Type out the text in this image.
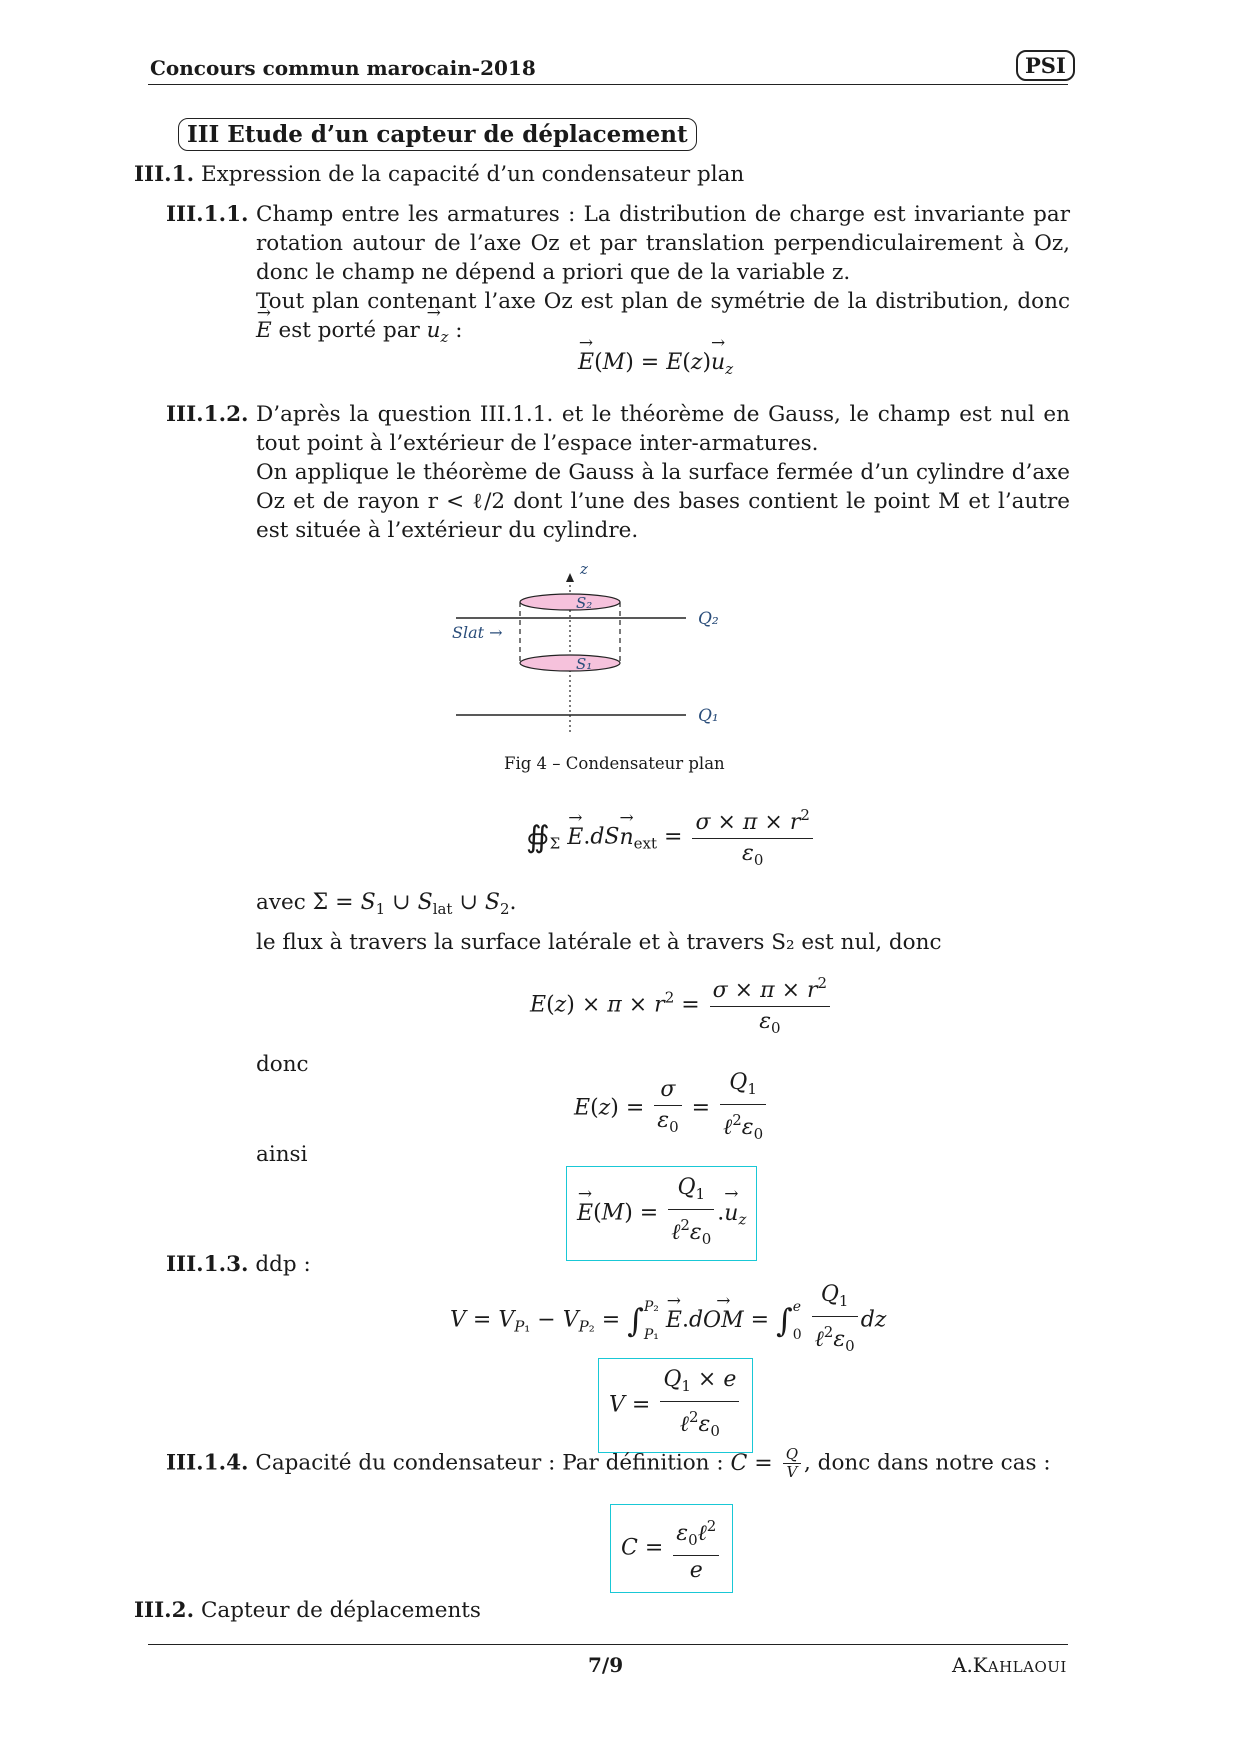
Concours commun marocain-2018	PSI
III Etude d’un capteur de déplacement
III.1. Expression de la capacité d’un condensateur plan
III.1.1. Champ entre les armatures : La distribution de charge est invariante par rotation autour de l’axe Oz et par translation perpendiculairement à Oz, donc le champ ne dépend a priori que de la variable z.
Tout plan contenant l’axe Oz est plan de symétrie de la distribution, donc → E est porté par → $u_z$ :
→ $E(M) = E(z)\to u_z$
III.1.2. D’après la question III.1.1. et le théorème de Gauss, le champ est nul en tout point à l’extérieur de l’espace inter-armatures.
On applique le théorème de Gauss à la surface fermée d’un cylindre d’axe Oz et de rayon r < ℓ/2 dont l’une des bases contient le point M et l’autre est située à l’extérieur du cylindre.
z
S₂
S₁
Slat →
Q₂
Q₁
Fig 4 – Condensateur plan
$∯_\Sigma \to E.dS\to n_{ext} = \frac{\sigma \times \pi \times r^2}{\varepsilon_0}$
avec $\Sigma = S_1$ ∪ $S_{lat}$ ∪ $S_2$.
le flux à travers la surface latérale et à travers S₂ est nul, donc
$E(z) \times \pi \times r^2 = \frac{\sigma \times \pi \times r^2}{\varepsilon_0}$
donc
$E(z) = \frac{\sigma}{\varepsilon_0} = \frac{Q_1}{\ell^2\varepsilon_0}$
ainsi
→ $E(M) = \frac{Q_1}{\ell^2\varepsilon_0}$ .→ $u_z$
III.1.3. ddp :
$V = V_{P_1} - V_{P_2} = \int P_2$
P₁ → E.d→ OM = ∫e
$0 \frac{Q_1}{\ell^2\varepsilon_0}$ dz
$V = \frac{Q_1 \times e}{\ell^2\varepsilon_0}$
III.1.4. Capacité du condensateur : Par définition : $C = \frac{Q}{V}$ , donc dans notre cas :
$C = \frac{\varepsilon_0\ell^2}{e}$
III.2. Capteur de déplacements
7/9	A.KAHLAOUI
